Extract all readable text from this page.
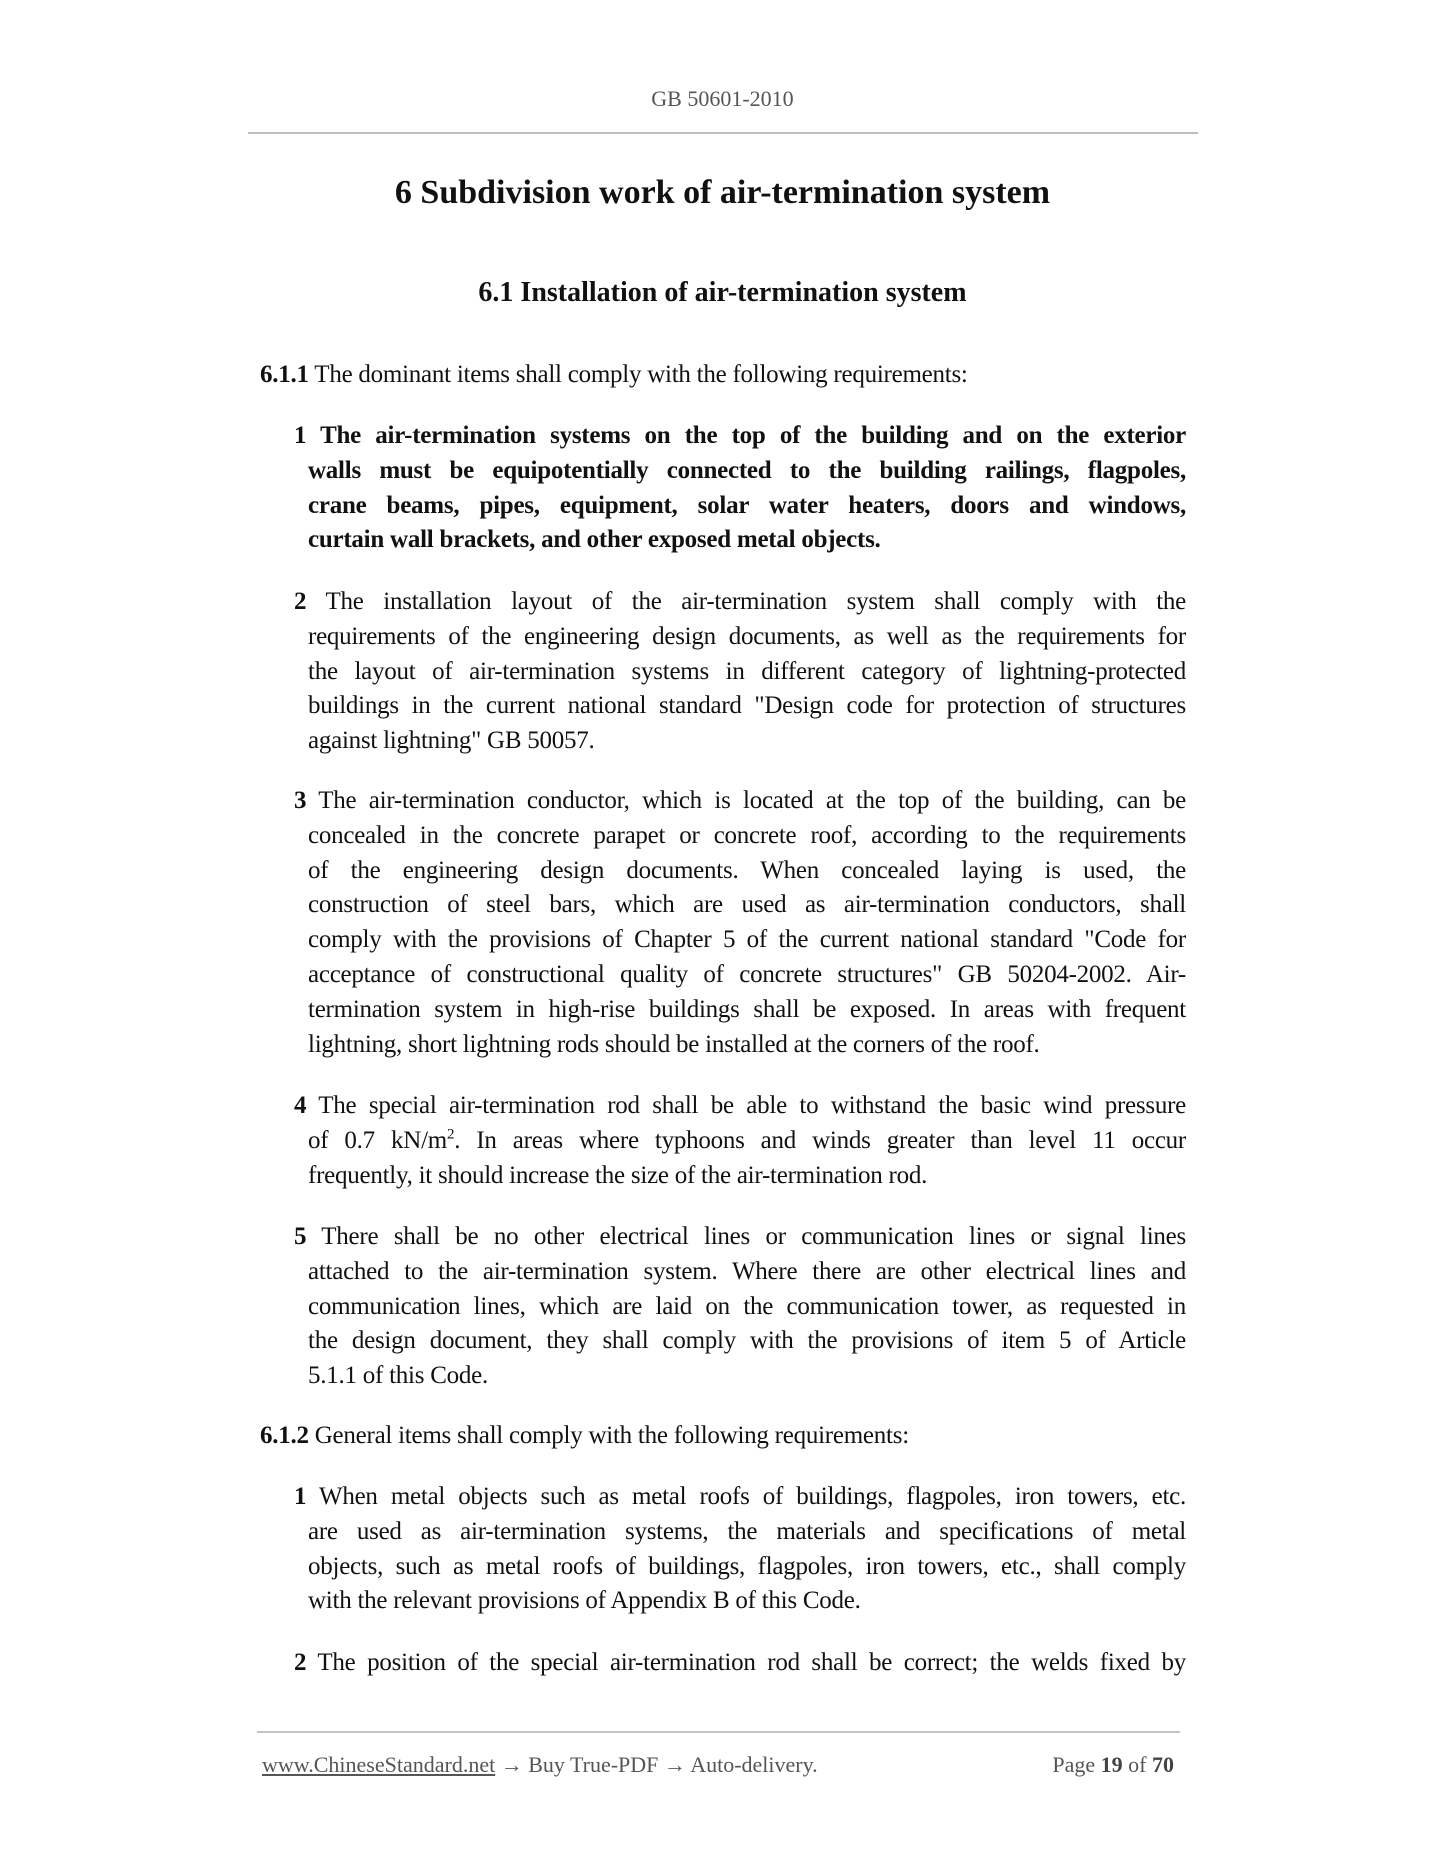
GB 50601-2010
6 Subdivision work of air-termination system
6.1 Installation of air-termination system
6.1.1 The dominant items shall comply with the following requirements:
1 The air-termination systems on the top of the building and on the exterior
walls must be equipotentially connected to the building railings, flagpoles,
crane beams, pipes, equipment, solar water heaters, doors and windows,
curtain wall brackets, and other exposed metal objects.
2 The installation layout of the air-termination system shall comply with the
requirements of the engineering design documents, as well as the requirements for
the layout of air-termination systems in different category of lightning-protected
buildings in the current national standard "Design code for protection of structures
against lightning" GB 50057.
3 The air-termination conductor, which is located at the top of the building, can be
concealed in the concrete parapet or concrete roof, according to the requirements
of the engineering design documents. When concealed laying is used, the
construction of steel bars, which are used as air-termination conductors, shall
comply with the provisions of Chapter 5 of the current national standard "Code for
acceptance of constructional quality of concrete structures" GB 50204-2002. Air-
termination system in high-rise buildings shall be exposed. In areas with frequent
lightning, short lightning rods should be installed at the corners of the roof.
4 The special air-termination rod shall be able to withstand the basic wind pressure
of 0.7 $kN/m^2$. In areas where typhoons and winds greater than level 11 occur
frequently, it should increase the size of the air-termination rod.
5 There shall be no other electrical lines or communication lines or signal lines
attached to the air-termination system. Where there are other electrical lines and
communication lines, which are laid on the communication tower, as requested in
the design document, they shall comply with the provisions of item 5 of Article
5.1.1 of this Code.
6.1.2 General items shall comply with the following requirements:
1 When metal objects such as metal roofs of buildings, flagpoles, iron towers, etc.
are used as air-termination systems, the materials and specifications of metal
objects, such as metal roofs of buildings, flagpoles, iron towers, etc., shall comply
with the relevant provisions of Appendix B of this Code.
2 The position of the special air-termination rod shall be correct; the welds fixed by
www.ChineseStandard.net → Buy True-PDF → Auto-delivery.	Page 19 of 70
